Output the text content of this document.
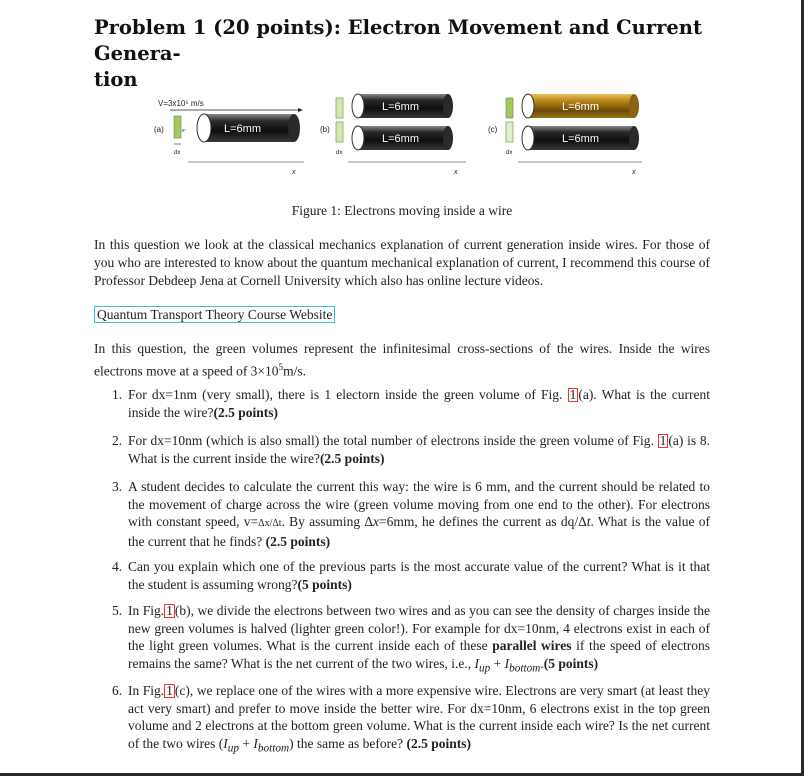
Problem 1 (20 points): Electron Movement and Current Genera-
tion
V=3x10⁵ m/s
(a)	e⁻
dx
L=6mm
x
(b)
L=6mm
L=6mm
dx
x
(c)
L=6mm
L=6mm
dx
x
Figure 1: Electrons moving inside a wire
In this question we look at the classical mechanics explanation of current generation inside wires. For those of you who are interested to know about the quantum mechanical explanation of current, I recommend this course of Professor Debdeep Jena at Cornell University which also has online lecture videos.
Quantum Transport Theory Course Website
In this question, the green volumes represent the infinitesimal cross-sections of the wires. Inside the wires electrons move at a speed of $3\times 10^5m/s$.
1. For dx=1nm (very small), there is 1 electorn inside the green volume of Fig. 1 (a). What is the current inside the wire?(2.5 points)
2. For dx=10nm (which is also small) the total number of electrons inside the green volume of Fig. 1 (a) is 8. What is the current inside the wire?(2.5 points)
3. A student decides to calculate the current this way: the wire is 6 mm, and the current should be related to the movement of charge across the wire (green volume moving from one end to the other). For electrons with constant speed, v=Δx/Δt. By assuming Δx=6mm, he defines the current as dq/Δt. What is the value of the current that he finds? (2.5 points)
4. Can you explain which one of the previous parts is the most accurate value of the current? What is it that the student is assuming wrong?(5 points)
5. In Fig. 1 (b), we divide the electrons between two wires and as you can see the density of charges inside the new green volumes is halved (lighter green color!). For example for dx=10nm, 4 electrons exist in each of the light green volumes. What is the current inside each of these parallel wires if the speed of electrons remains the same? What is the net current of the two wires, i.e., $I_{up} + I_{bottom}.(5$ points)
6. In Fig. 1 (c), we replace one of the wires with a more expensive wire. Electrons are very smart (at least they act very smart) and prefer to move inside the better wire. For dx=10nm, 6 electrons exist in the top green volume and 2 electrons at the bottom green volume. What is the current inside each wire? Is the net current of the two wires $(I_{up} + I_{bottom})$ the same as before? (2.5 points)
